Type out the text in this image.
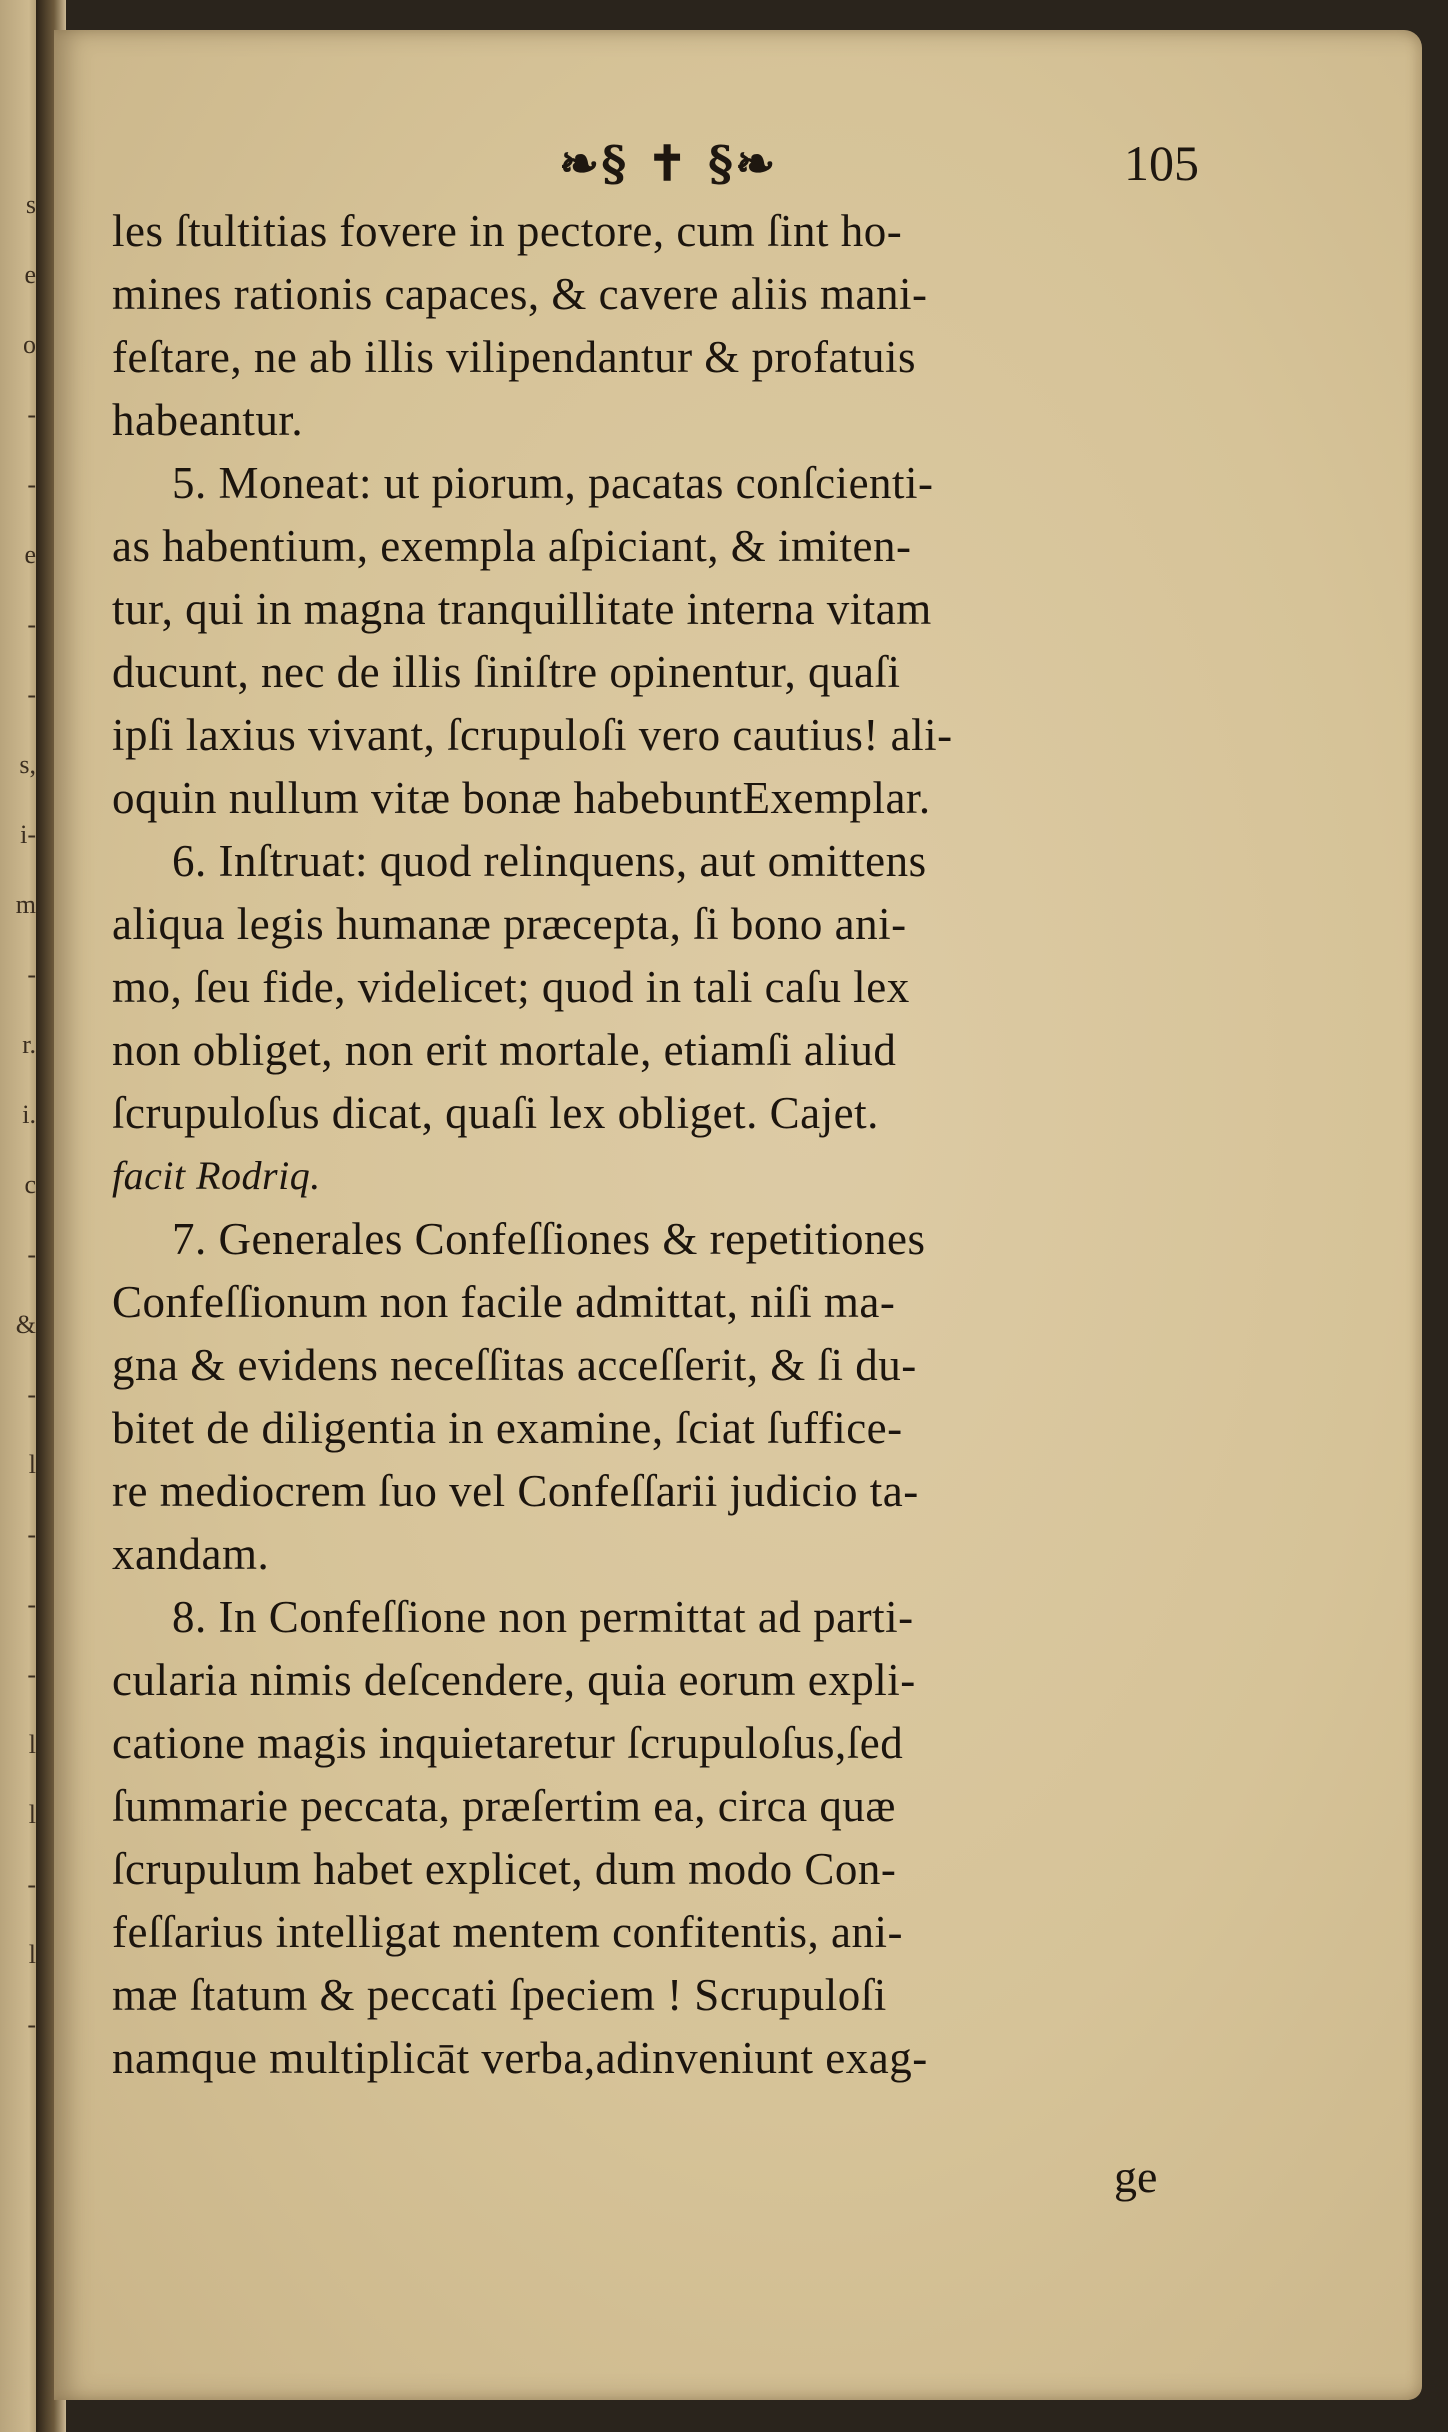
s
e
o
-
-
e
-
-
s,
i-
m
-
r.
i.
c
-
&
-
l
-
-
-
l
l
-
l
-
❧§ ✝ §❧	105
les ſtultitias fovere in pectore, cum ſint ho-
mines rationis capaces, & cavere aliis mani-
feſtare, ne ab illis vilipendantur & profatuis
habeantur.
5. Moneat: ut piorum, pacatas conſcienti-
as habentium, exempla aſpiciant, & imiten-
tur, qui in magna tranquillitate interna vitam
ducunt, nec de illis ſiniſtre opinentur, quaſi
ipſi laxius vivant, ſcrupuloſi vero cautius! ali-
oquin nullum vitæ bonæ habebuntExemplar.
6. Inſtruat: quod relinquens, aut omittens
aliqua legis humanæ præcepta, ſi bono ani-
mo, ſeu fide, videlicet; quod in tali caſu lex
non obliget, non erit mortale, etiamſi aliud
ſcrupuloſus dicat, quaſi lex obliget. Cajet.
facit Rodriq.
7. Generales Confeſſiones & repetitiones
Confeſſionum non facile admittat, niſi ma-
gna & evidens neceſſitas acceſſerit, & ſi du-
bitet de diligentia in examine, ſciat ſuffice-
re mediocrem ſuo vel Confeſſarii judicio ta-
xandam.
8. In Confeſſione non permittat ad parti-
cularia nimis deſcendere, quia eorum expli-
catione magis inquietaretur ſcrupuloſus,ſed
ſummarie peccata, præſertim ea, circa quæ
ſcrupulum habet explicet, dum modo Con-
feſſarius intelligat mentem confitentis, ani-
mæ ſtatum & peccati ſpeciem ! Scrupuloſi
namque multiplicāt verba,adinveniunt exag-
ge
